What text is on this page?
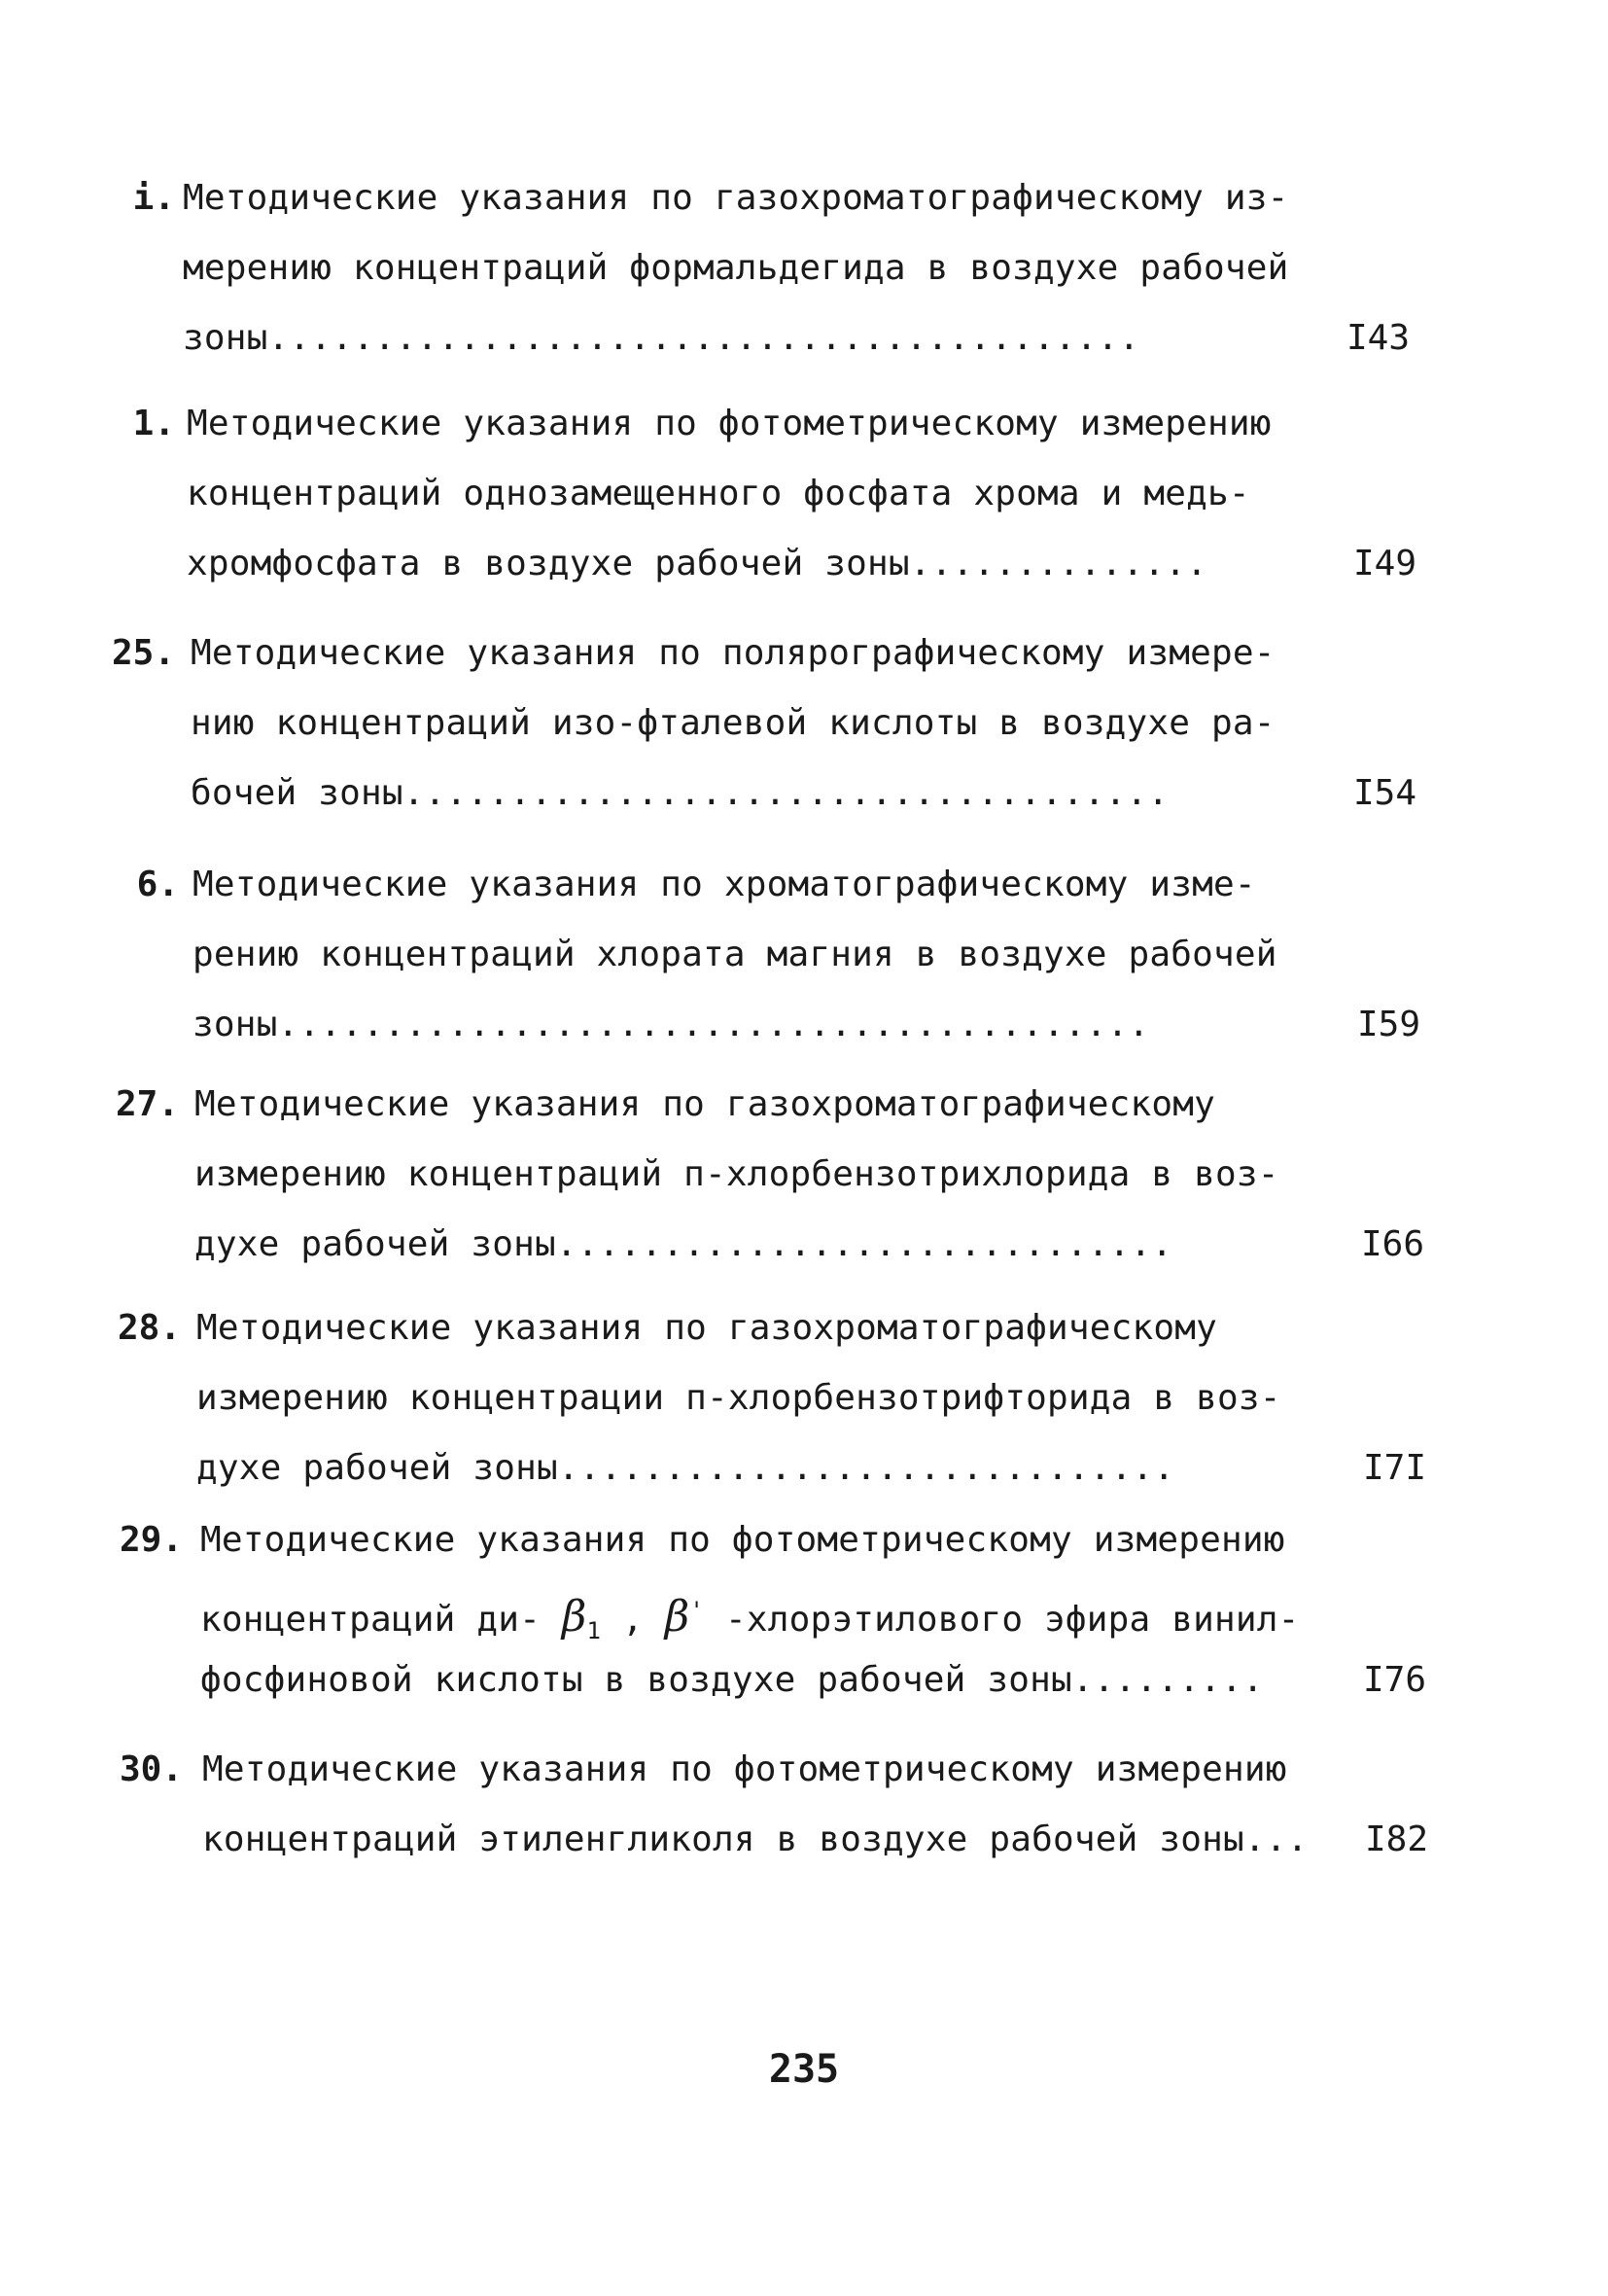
і. Методические указания по газохроматографическому из-
мерению концентраций формальдегида в воздухе рабочей
зоны.........................................	I43
1. Методические указания по фотометрическому измерению
концентраций однозамещенного фосфата хрома и медь-
хромфосфата в воздухе рабочей зоны..............	I49
25. Методические указания по полярографическому измере-
нию концентраций изо-фталевой кислоты в воздухе ра-
бочей зоны....................................	I54
6. Методические указания по хроматографическому изме-
рению концентраций хлората магния в воздухе рабочей
зоны.........................................	I59
27. Методические указания по газохроматографическому
измерению концентраций п-хлорбензотрихлорида в воз-
духе рабочей зоны.............................	I66
28. Методические указания по газохроматографическому
измерению концентрации п-хлорбензотрифторида в воз-
духе рабочей зоны.............................	I7I
29. Методические указания по фотометрическому измерению
концентраций ди- $\beta_1$ , β' -хлорэтилового эфира винил-
фосфиновой кислоты в воздухе рабочей зоны.........	I76
30. Методические указания по фотометрическому измерению
концентраций этиленгликоля в воздухе рабочей зоны... I82
235
